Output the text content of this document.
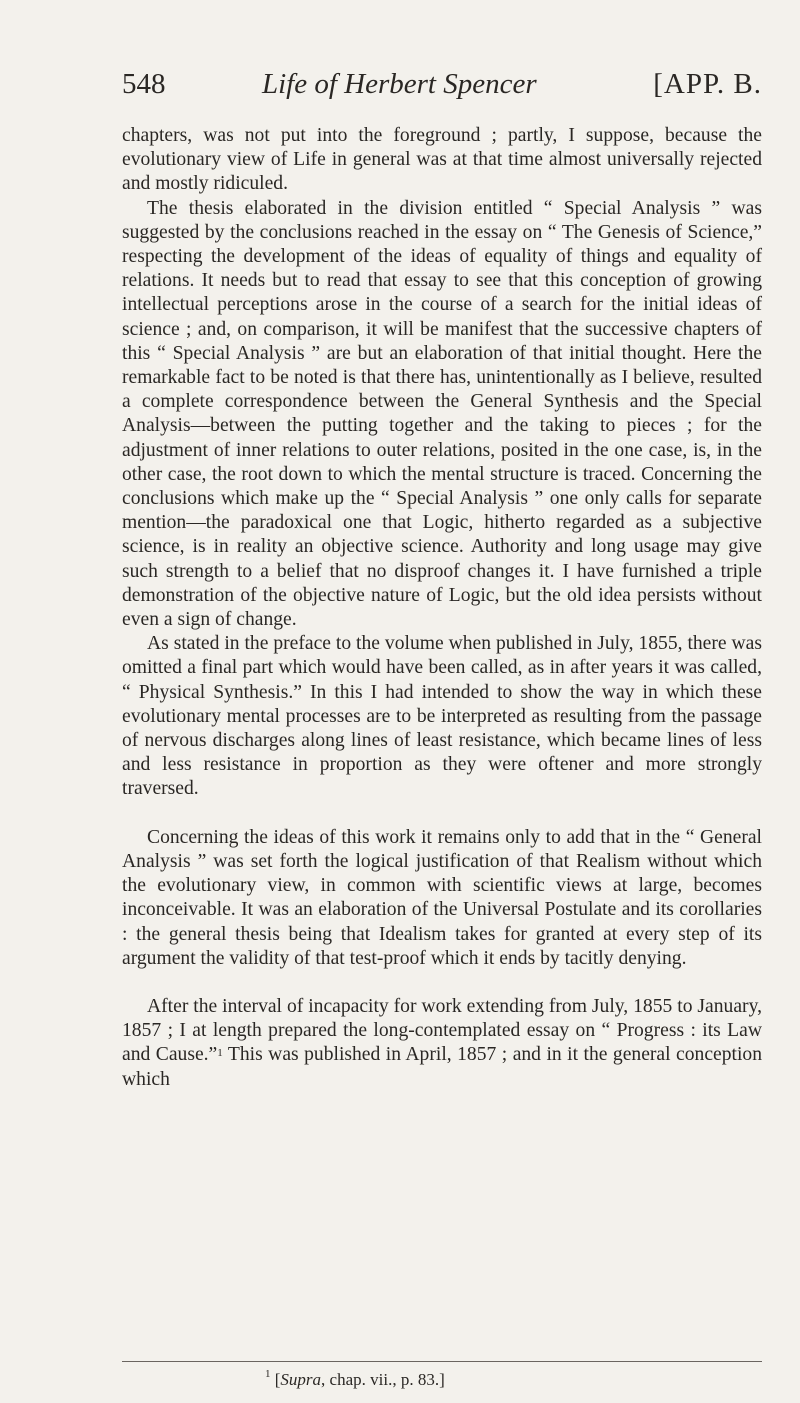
548	Life of Herbert Spencer	[APP. B.

chapters, was not put into the foreground ; partly, I suppose, because the evolutionary view of Life in general was at that time almost universally rejected and mostly ridiculed.

The thesis elaborated in the division entitled “ Special Analysis ” was suggested by the conclusions reached in the essay on “ The Genesis of Science,” respecting the development of the ideas of equality of things and equality of relations. It needs but to read that essay to see that this conception of growing intellectual perceptions arose in the course of a search for the initial ideas of science ; and, on comparison, it will be manifest that the successive chapters of this “ Special Analysis ” are but an elaboration of that initial thought. Here the remarkable fact to be noted is that there has, unintentionally as I believe, resulted a complete correspondence between the General Synthesis and the Special Analysis—between the putting together and the taking to pieces ; for the adjustment of inner relations to outer relations, posited in the one case, is, in the other case, the root down to which the mental structure is traced. Concerning the conclusions which make up the “ Special Analysis ” one only calls for separate mention—the paradoxical one that Logic, hitherto regarded as a subjective science, is in reality an objective science. Authority and long usage may give such strength to a belief that no disproof changes it. I have furnished a triple demonstration of the objective nature of Logic, but the old idea persists without even a sign of change.

As stated in the preface to the volume when published in July, 1855, there was omitted a final part which would have been called, as in after years it was called, “ Physical Synthesis.” In this I had intended to show the way in which these evolutionary mental processes are to be interpreted as resulting from the passage of nervous discharges along lines of least resistance, which became lines of less and less resistance in proportion as they were oftener and more strongly traversed.

Concerning the ideas of this work it remains only to add that in the “ General Analysis ” was set forth the logical justification of that Realism without which the evolutionary view, in common with scientific views at large, becomes inconceivable. It was an elaboration of the Universal Postulate and its corollaries : the general thesis being that Idealism takes for granted at every step of its argument the validity of that test-proof which it ends by tacitly denying.

After the interval of incapacity for work extending from July, 1855 to January, 1857 ; I at length prepared the long-contemplated essay on “ Progress : its Law and Cause.”$^1$ This was published in April, 1857 ; and in it the general conception which

$^1$ [Supra, chap. vii., p. 83.]
